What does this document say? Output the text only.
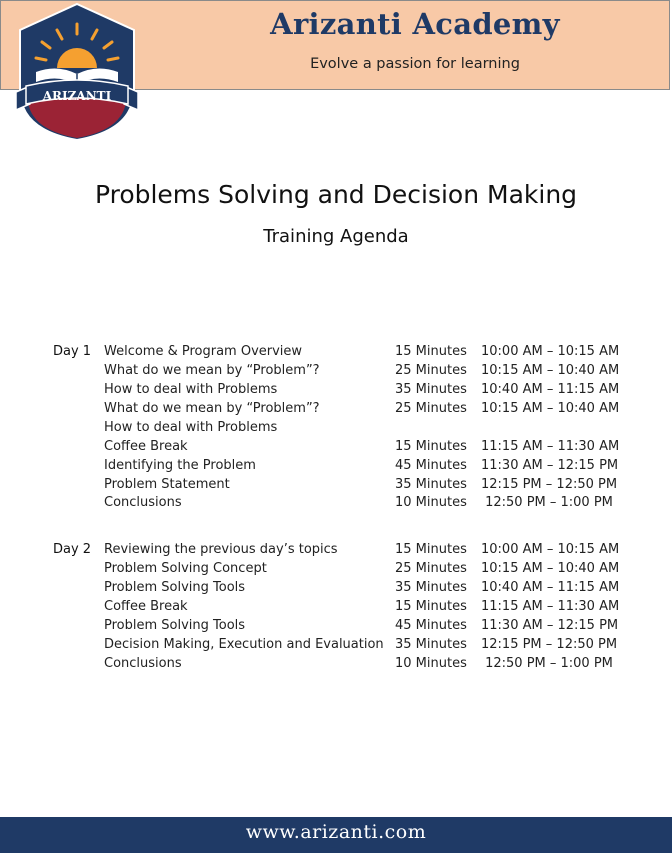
Arizanti Academy
Evolve a passion for learning
ARIZANTI
Problems Solving and Decision Making
Training Agenda
Day 1 Welcome & Program Overview	15 Minutes 10:00 AM – 10:15 AM
What do we mean by “Problem”?	25 Minutes 10:15 AM – 10:40 AM
How to deal with Problems	35 Minutes 10:40 AM – 11:15 AM
What do we mean by “Problem”?	25 Minutes 10:15 AM – 10:40 AM
How to deal with Problems
Coffee Break	15 Minutes 11:15 AM – 11:30 AM
Identifying the Problem	45 Minutes 11:30 AM – 12:15 PM
Problem Statement	35 Minutes 12:15 PM – 12:50 PM
Conclusions	10 Minutes	12:50 PM – 1:00 PM
Day 2 Reviewing the previous day’s topics	15 Minutes 10:00 AM – 10:15 AM
Problem Solving Concept	25 Minutes 10:15 AM – 10:40 AM
Problem Solving Tools	35 Minutes 10:40 AM – 11:15 AM
Coffee Break	15 Minutes 11:15 AM – 11:30 AM
Problem Solving Tools	45 Minutes 11:30 AM – 12:15 PM
Decision Making, Execution and Evaluation 35 Minutes 12:15 PM – 12:50 PM
Conclusions	10 Minutes	12:50 PM – 1:00 PM
www.arizanti.com
